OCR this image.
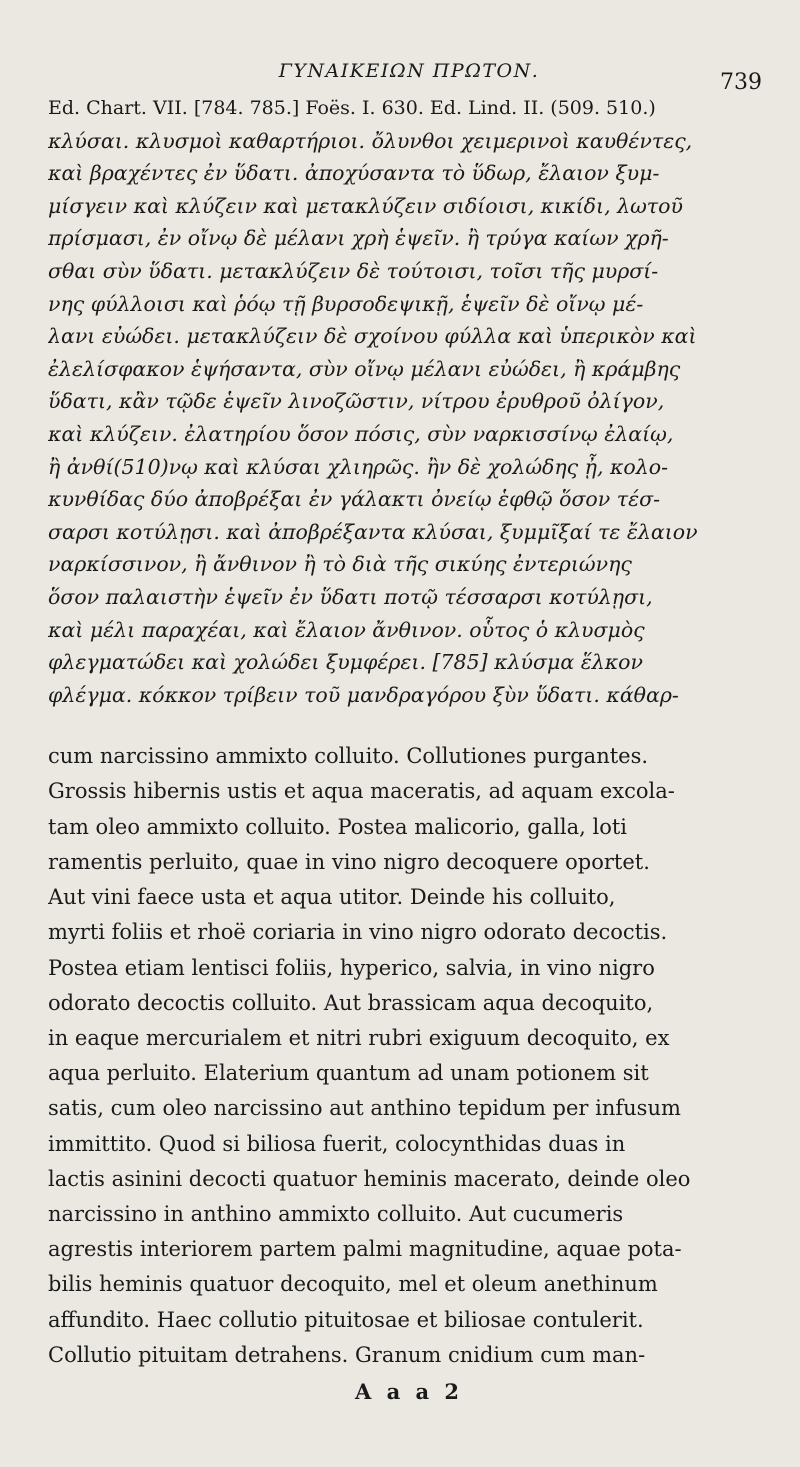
ΓΥΝΑΙΚΕΙΩΝ ΠΡΩΤΟΝ.	739
Ed. Chart. VII. [784. 785.] Foës. I. 630. Ed. Lind. II. (509. 510.)
κλύσαι. κλυσμοὶ καθαρτήριοι. ὄλυνθοι χειμερινοὶ καυθέντες,
καὶ βραχέντες ἐν ὕδατι. ἀποχύσαντα τὸ ὕδωρ, ἔλαιον ξυμ-
μίσγειν καὶ κλύζειν καὶ μετακλύζειν σιδίοισι, κικίδι, λωτοῦ
πρίσμασι, ἐν οἴνῳ δὲ μέλανι χρὴ ἑψεῖν. ἢ τρύγα καίων χρῆ-
σθαι σὺν ὕδατι. μετακλύζειν δὲ τούτοισι, τοῖσι τῆς μυρσί-
νης φύλλοισι καὶ ῥόῳ τῇ βυρσοδεψικῇ, ἑψεῖν δὲ οἴνῳ μέ-
λανι εὐώδει. μετακλύζειν δὲ σχοίνου φύλλα καὶ ὑπερικὸν καὶ
ἐλελίσφακον ἑψήσαντα, σὺν οἴνῳ μέλανι εὐώδει, ἢ κράμβης
ὕδατι, κἂν τῷδε ἑψεῖν λινοζῶστιν, νίτρου ἐρυθροῦ ὀλίγον,
καὶ κλύζειν. ἐλατηρίου ὅσον πόσις, σὺν ναρκισσίνῳ ἐλαίῳ,
ἢ ἀνθί(510)νῳ καὶ κλύσαι χλιηρῶς. ἢν δὲ χολώδης ᾖ, κολο-
κυνθίδας δύο ἀποβρέξαι ἐν γάλακτι ὀνείῳ ἑφθῷ ὅσον τέσ-
σαρσι κοτύλῃσι. καὶ ἀποβρέξαντα κλύσαι, ξυμμῖξαί τε ἔλαιον
ναρκίσσινον, ἢ ἄνθινον ἢ τὸ διὰ τῆς σικύης ἐντεριώνης
ὅσον παλαιστὴν ἑψεῖν ἐν ὕδατι ποτῷ τέσσαρσι κοτύλῃσι,
καὶ μέλι παραχέαι, καὶ ἔλαιον ἄνθινον. οὗτος ὁ κλυσμὸς
φλεγματώδει καὶ χολώδει ξυμφέρει. [785] κλύσμα ἕλκον
φλέγμα. κόκκον τρίβειν τοῦ μανδραγόρου ξὺν ὕδατι. κάθαρ-
cum narcissino ammixto colluito. Collutiones purgantes.
Grossis hibernis ustis et aqua maceratis, ad aquam excola-
tam oleo ammixto colluito. Postea malicorio, galla, loti
ramentis perluito, quae in vino nigro decoquere oportet.
Aut vini faece usta et aqua utitor. Deinde his colluito,
myrti foliis et rhoë coriaria in vino nigro odorato decoctis.
Postea etiam lentisci foliis, hyperico, salvia, in vino nigro
odorato decoctis colluito. Aut brassicam aqua decoquito,
in eaque mercurialem et nitri rubri exiguum decoquito, ex
aqua perluito. Elaterium quantum ad unam potionem sit
satis, cum oleo narcissino aut anthino tepidum per infusum
immittito. Quod si biliosa fuerit, colocynthidas duas in
lactis asinini decocti quatuor heminis macerato, deinde oleo
narcissino in anthino ammixto colluito. Aut cucumeris
agrestis interiorem partem palmi magnitudine, aquae pota-
bilis heminis quatuor decoquito, mel et oleum anethinum
affundito. Haec collutio pituitosae et biliosae contulerit.
Collutio pituitam detrahens. Granum cnidium cum man-
A a a 2
